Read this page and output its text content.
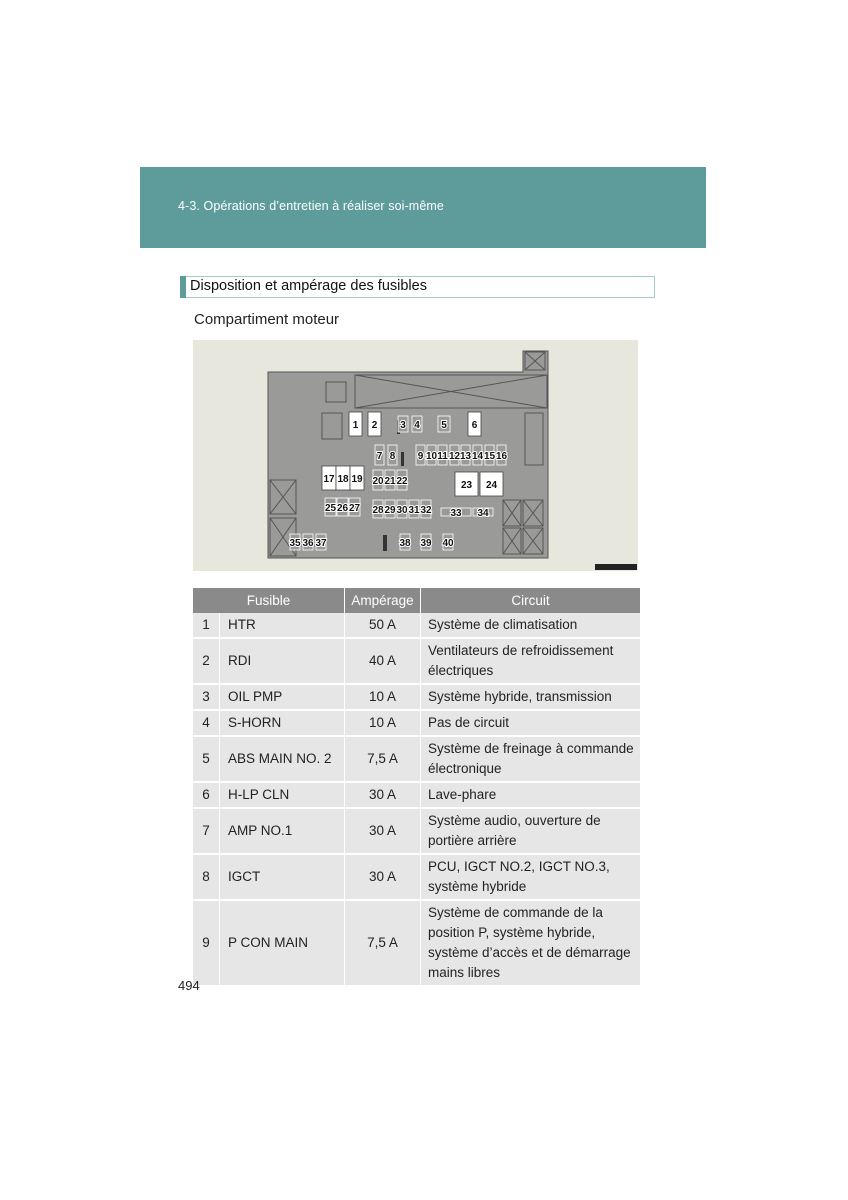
4-3. Opérations d’entretien à réaliser soi-même
Disposition et ampérage des fusibles
Compartiment moteur
1 2 3 4 5 6
7 8 9 10 11 12 13 14 15 16
17 18 19 20 21 22	23 24
25 26 27 28 29 30 31 32 33 34
35 36 37	38 39 40
Fusible		Ampérage	Circuit
1	HTR	50 A	Système de climatisation
2	RDI	40 A	Ventilateurs de refroidissement électriques
3	OIL PMP	10 A	Système hybride, transmission
4	S-HORN	10 A	Pas de circuit
5	ABS MAIN NO. 2	7,5 A	Système de freinage à commande électronique
6	H-LP CLN	30 A	Lave-phare
7	AMP NO.1	30 A	Système audio, ouverture de portière arrière
8	IGCT	30 A	PCU, IGCT NO.2, IGCT NO.3, système hybride
9	P CON MAIN	7,5 A	Système de commande de la position P, système hybride, système d’accès et de démarrage mains libres
494
